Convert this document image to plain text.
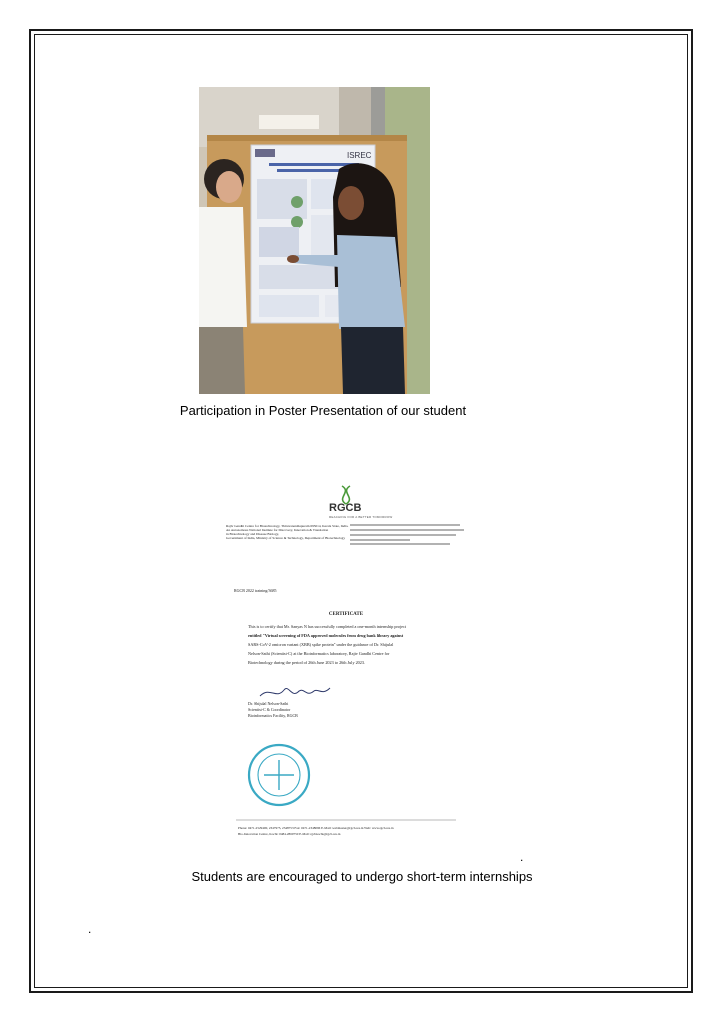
ISREC
Participation in Poster Presentation of our student
RGCB
REACHING FOR A BETTER TOMORROW
Rajiv Gandhi Centre for Biotechnology, Thiruvananthapuram 695014, Kerala State, India.
An Autonomous National Institute for Discovery, Innovation & Translation
in Biotechnology and Disease Biology,
Government of India, Ministry of Science & Technology, Department of Biotechnology
RGCB 2022 training/3685
CERTIFICATE
This is to certify that Mr. Sanyas N has successfully completed a one-month internship project
entitled "Virtual screening of FDA approved molecules from drug bank library against
SARS-CoV-2 omicron variant (XBB) spike protein" under the guidance of Dr. Shijulal
Nelson-Sathi (Scientist-C) at the Bioinformatics laboratory, Rajiv Gandhi Centre for
Biotechnology during the period of 26th June 2023 to 26th July 2023.
Dr. Shijulal Nelson-Sathi
Scientist-C & Coordinator
Bioinformatics Facility, RGCB
Phone: 0471-2529400, 2347975, 2348753 Fax: 0471-2348096 E-Mail: webmaster@rgcb.res.in Web: www.rgcb.res.in
Bio-Innovation Centre, Kochi: 0484-2860750 E-Mail: rgcbkochi@rgcb.res.in
.
Students are encouraged to undergo short-term internships
.
